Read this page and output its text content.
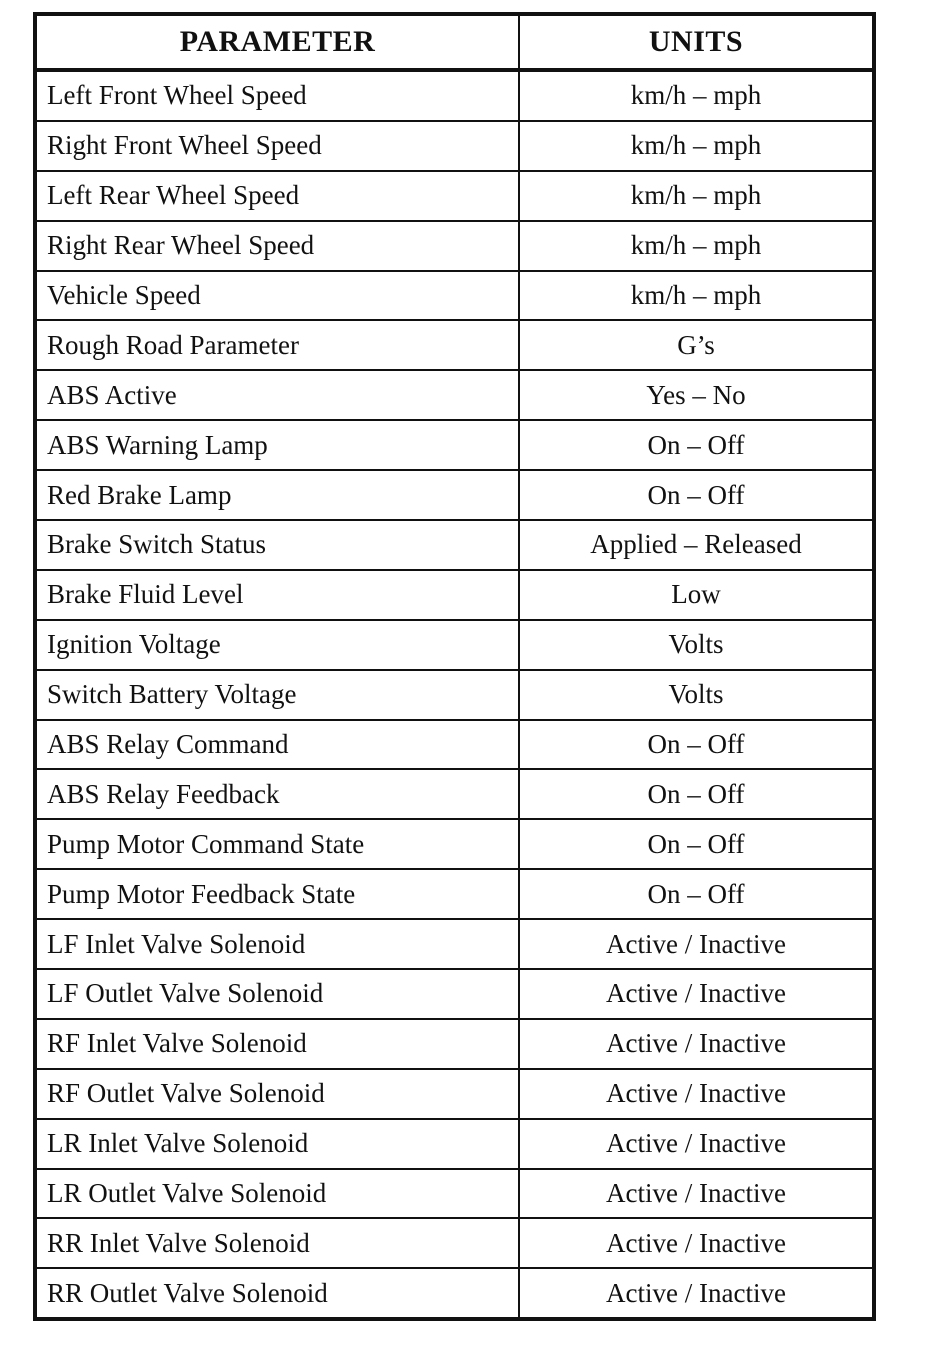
PARAMETER	UNITS
Left Front Wheel Speed	km/h – mph
Right Front Wheel Speed	km/h – mph
Left Rear Wheel Speed	km/h – mph
Right Rear Wheel Speed	km/h – mph
Vehicle Speed	km/h – mph
Rough Road Parameter	G’s
ABS Active	Yes – No
ABS Warning Lamp	On – Off
Red Brake Lamp	On – Off
Brake Switch Status	Applied – Released
Brake Fluid Level	Low
Ignition Voltage	Volts
Switch Battery Voltage	Volts
ABS Relay Command	On – Off
ABS Relay Feedback	On – Off
Pump Motor Command State	On – Off
Pump Motor Feedback State	On – Off
LF Inlet Valve Solenoid	Active / Inactive
LF Outlet Valve Solenoid	Active / Inactive
RF Inlet Valve Solenoid	Active / Inactive
RF Outlet Valve Solenoid	Active / Inactive
LR Inlet Valve Solenoid	Active / Inactive
LR Outlet Valve Solenoid	Active / Inactive
RR Inlet Valve Solenoid	Active / Inactive
RR Outlet Valve Solenoid	Active / Inactive
